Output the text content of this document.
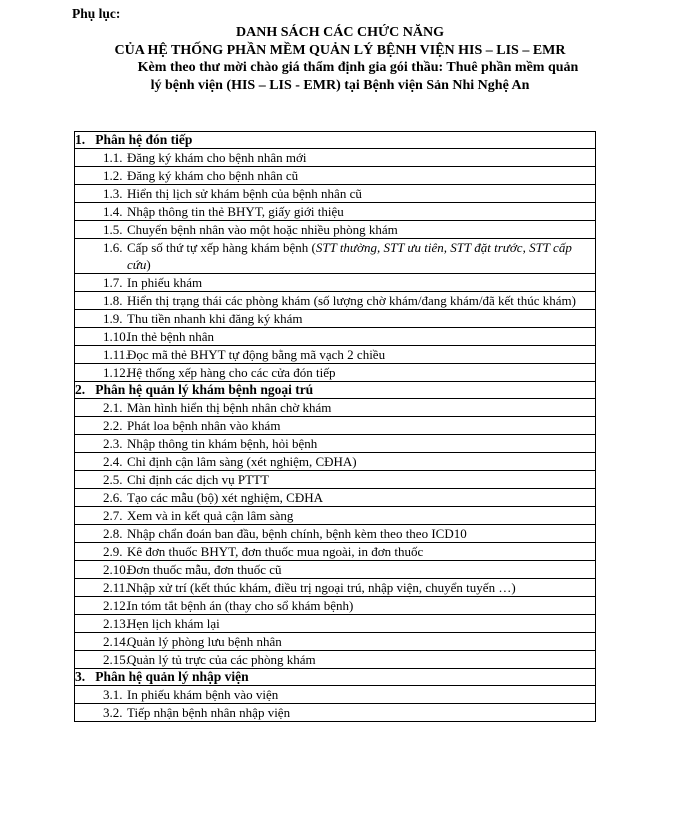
Phụ lục:
DANH SÁCH CÁC CHỨC NĂNG
CỦA HỆ THỐNG PHẦN MỀM QUẢN LÝ BỆNH VIỆN HIS – LIS – EMR
Kèm theo thư mời chào giá thẩm định gia gói thầu: Thuê phần mềm quản
lý bệnh viện (HIS – LIS - EMR) tại Bệnh viện Sản Nhi Nghệ An
1.   Phân hệ đón tiếp

1.1. Đăng ký khám cho bệnh nhân mới

1.2. Đăng ký khám cho bệnh nhân cũ

1.3. Hiển thị lịch sử khám bệnh của bệnh nhân cũ

1.4. Nhập thông tin thẻ BHYT, giấy giới thiệu

1.5. Chuyển bệnh nhân vào một hoặc nhiều phòng khám

1.6. Cấp số thứ tự xếp hàng khám bệnh (STT thường, STT ưu tiên, STT đặt trước, STT cấp cứu)

1.7. In phiếu khám

1.8. Hiển thị trạng thái các phòng khám (số lượng chờ khám/đang khám/đã kết thúc khám)

1.9. Thu tiền nhanh khi đăng ký khám

1.10.
In thẻ bệnh nhân

1.11.
Đọc mã thẻ BHYT tự động bằng mã vạch 2 chiều

1.12.
Hệ thống xếp hàng cho các cửa đón tiếp

2.   Phân hệ quản lý khám bệnh ngoại trú

2.1. Màn hình hiển thị bệnh nhân chờ khám

2.2. Phát loa bệnh nhân vào khám

2.3. Nhập thông tin khám bệnh, hỏi bệnh

2.4. Chỉ định cận lâm sàng (xét nghiệm, CĐHA)

2.5. Chỉ định các dịch vụ PTTT

2.6. Tạo các mẫu (bộ) xét nghiệm, CĐHA

2.7. Xem và in kết quả cận lâm sàng

2.8. Nhập chẩn đoán ban đầu, bệnh chính, bệnh kèm theo theo ICD10

2.9. Kê đơn thuốc BHYT, đơn thuốc mua ngoài, in đơn thuốc

2.10.
Đơn thuốc mẫu, đơn thuốc cũ

2.11.
Nhập xử trí (kết thúc khám, điều trị ngoại trú, nhập viện, chuyển tuyến …)

2.12.
In tóm tắt bệnh án (thay cho sổ khám bệnh)

2.13.
Hẹn lịch khám lại

2.14.
Quản lý phòng lưu bệnh nhân

2.15.
Quản lý tủ trực của các phòng khám

3.   Phân hệ quản lý nhập viện

3.1. In phiếu khám bệnh vào viện

3.2. Tiếp nhận bệnh nhân nhập viện
